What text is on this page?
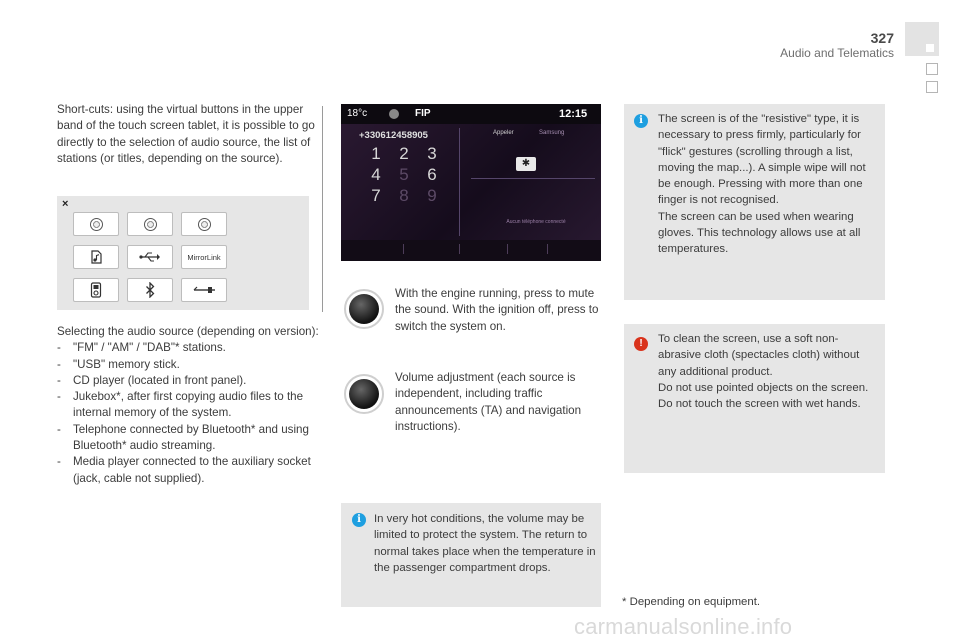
327
Audio and Telematics

Short-cuts: using the virtual buttons in the upper band of the touch screen tablet, it is possible to go directly to the selection of audio source, the list of stations (or titles, depending on the source).

×
MirrorLink

Selecting the audio source (depending on version):

- "FM" / "AM" / "DAB"* stations.
- "USB" memory stick.
- CD player (located in front panel).
- Jukebox*, after first copying audio files to the internal memory of the system.
- Telephone connected by Bluetooth* and using Bluetooth* audio streaming.
- Media player connected to the auxiliary socket (jack, cable not supplied).
18°c	FIP	12:15
+330612458905
1	2	3
4	5	6
7	8	9
Appeler	Samsung
✱
Aucun téléphone connecté

With the engine running, press to mute the sound. With the ignition off, press to switch the system on.

Volume adjustment (each source is independent, including traffic announcements (TA) and navigation instructions).

i	In very hot conditions, the volume may be limited to protect the system. The return to normal takes place when the temperature in the passenger compartment drops.

i	The screen is of the "resistive" type, it is necessary to press firmly, particularly for "flick" gestures (scrolling through a list, moving the map...). A simple wipe will not be enough. Pressing with more than one finger is not recognised.

The screen can be used when wearing gloves. This technology allows use at all temperatures.

!	To clean the screen, use a soft non-abrasive cloth (spectacles cloth) without any additional product.

Do not use pointed objects on the screen.

Do not touch the screen with wet hands.

* Depending on equipment.
carmanualsonline.info
